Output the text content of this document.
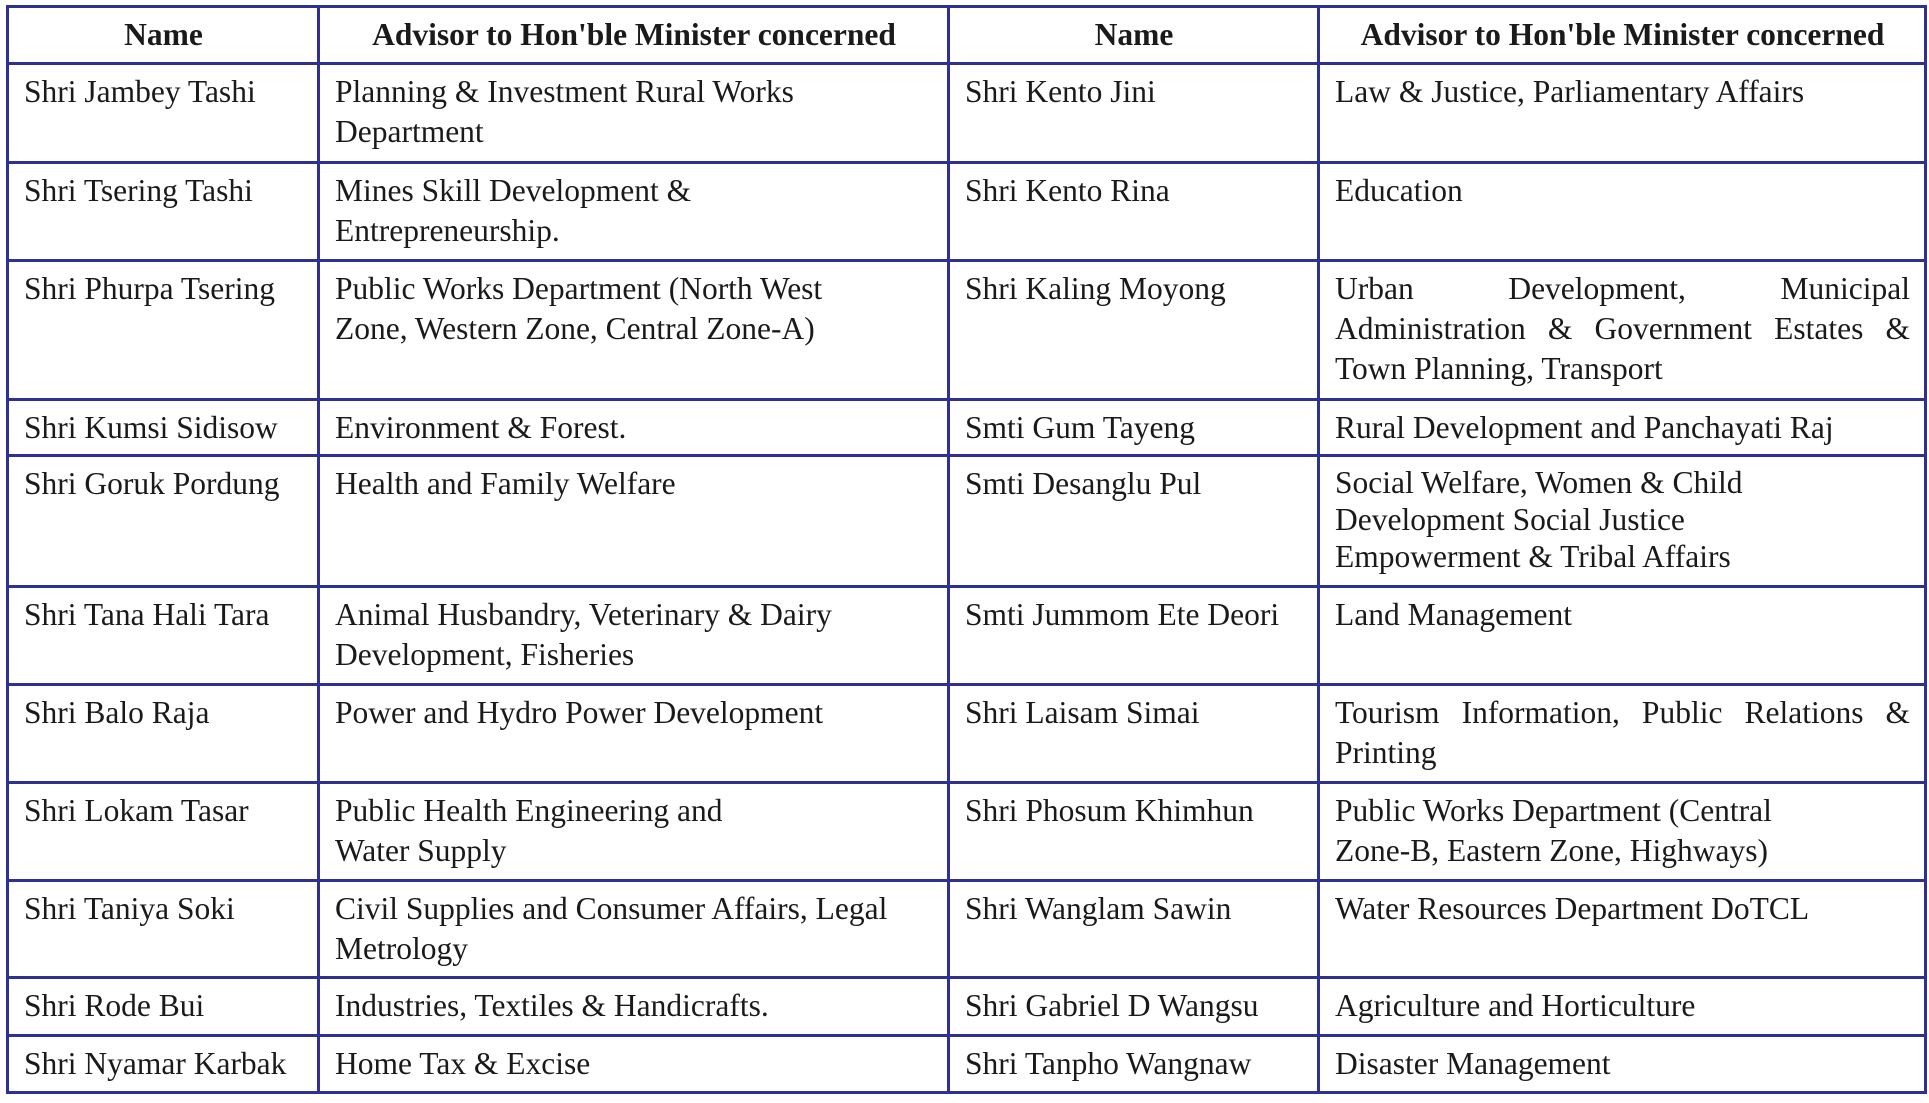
Name	Advisor to Hon'ble Minister concerned	Name	Advisor to Hon'ble Minister concerned
Shri Jambey Tashi	Planning & Investment Rural Works Department	Shri Kento Jini	Law & Justice, Parliamentary Affairs
Shri Tsering Tashi	Mines Skill Development & Entrepreneurship.	Shri Kento Rina	Education
Shri Phurpa Tsering	Public Works Department (North West Zone, Western Zone, Central Zone-A)	Shri Kaling Moyong	Urban Development, Municipal Administration & Government Estates & Town Planning, Transport
Shri Kumsi Sidisow	Environment & Forest.	Smti Gum Tayeng	Rural Development and Panchayati Raj
Shri Goruk Pordung	Health and Family Welfare	Smti Desanglu Pul	Social Welfare, Women & Child Development Social Justice Empowerment & Tribal Affairs
Shri Tana Hali Tara	Animal Husbandry, Veterinary & Dairy Development, Fisheries	Smti Jummom Ete Deori	Land Management
Shri Balo Raja	Power and Hydro Power Development	Shri Laisam Simai	Tourism Information, Public Relations & Printing
Shri Lokam Tasar	Public Health Engineering and Water Supply	Shri Phosum Khimhun	Public Works Department (Central Zone-B, Eastern Zone, Highways)
Shri Taniya Soki	Civil Supplies and Consumer Affairs, Legal Metrology	Shri Wanglam Sawin	Water Resources Department DoTCL
Shri Rode Bui	Industries, Textiles & Handicrafts.	Shri Gabriel D Wangsu	Agriculture and Horticulture
Shri Nyamar Karbak	Home Tax & Excise	Shri Tanpho Wangnaw	Disaster Management
